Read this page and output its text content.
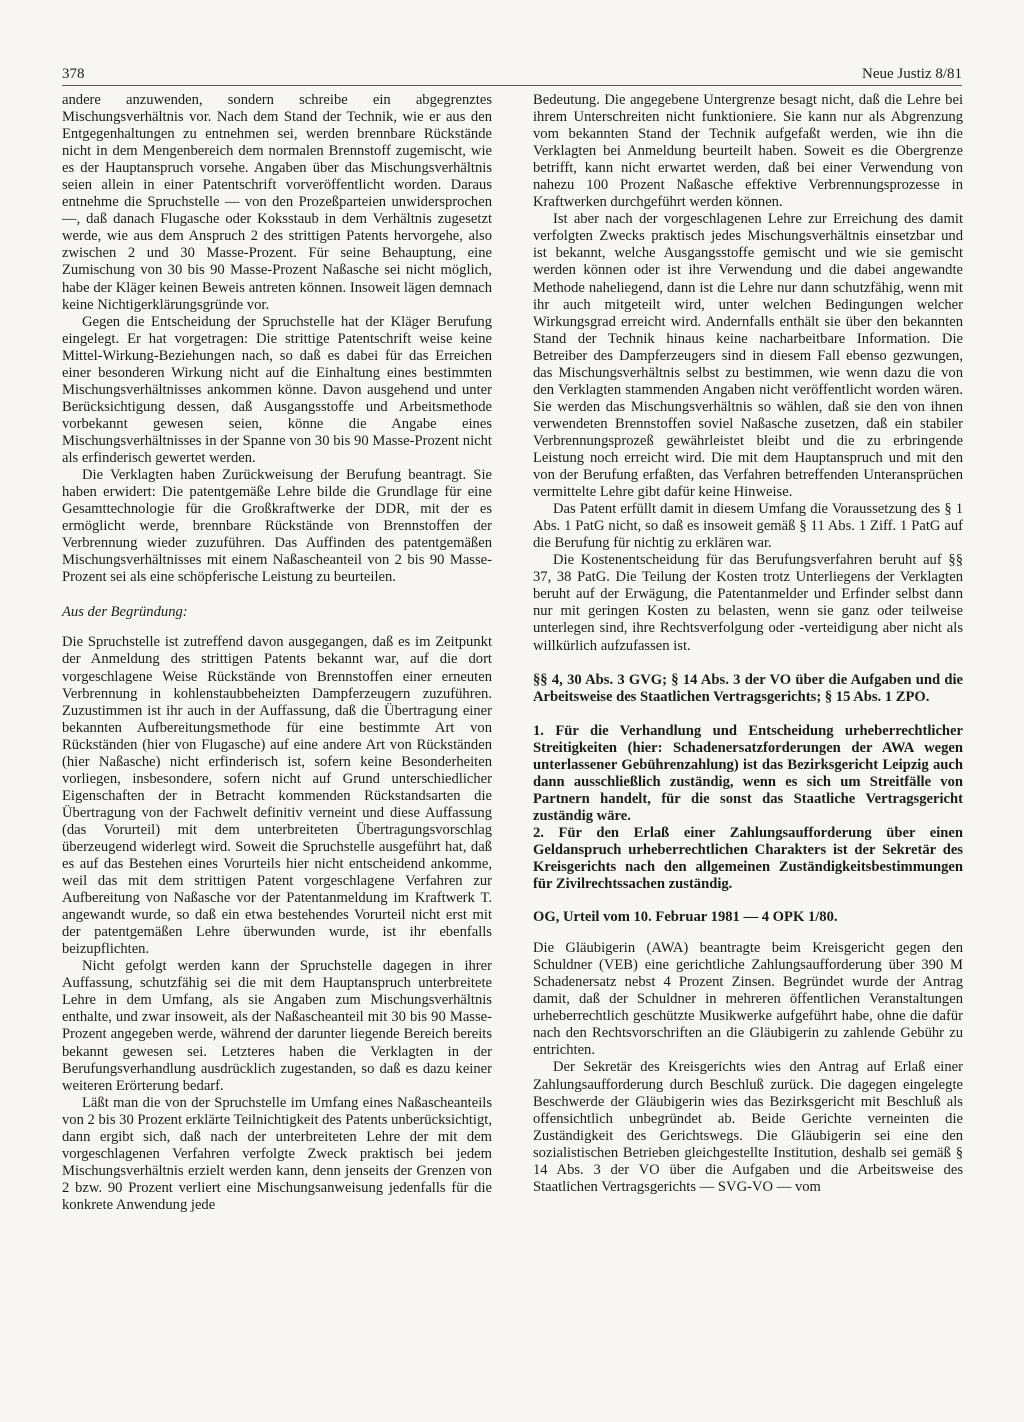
378	Neue Justiz 8/81

andere anzuwenden, sondern schreibe ein abgegrenztes Mischungsverhältnis vor. Nach dem Stand der Technik, wie er aus den Entgegenhaltungen zu entnehmen sei, werden brennbare Rückstände nicht in dem Mengenbereich dem normalen Brennstoff zugemischt, wie es der Hauptanspruch vorsehe. Angaben über das Mischungsverhältnis seien allein in einer Patentschrift vorveröffentlicht worden. Daraus entnehme die Spruchstelle — von den Prozeßparteien unwidersprochen —, daß danach Flugasche oder Koksstaub in dem Verhältnis zugesetzt werde, wie aus dem Anspruch 2 des strittigen Patents hervorgehe, also zwischen 2 und 30 Masse-Prozent. Für seine Behauptung, eine Zumischung von 30 bis 90 Masse-Prozent Naßasche sei nicht möglich, habe der Kläger keinen Beweis antreten können. Insoweit lägen demnach keine Nichtigerklärungsgründe vor.

Gegen die Entscheidung der Spruchstelle hat der Kläger Berufung eingelegt. Er hat vorgetragen: Die strittige Patentschrift weise keine Mittel-Wirkung-Beziehungen nach, so daß es dabei für das Erreichen einer besonderen Wirkung nicht auf die Einhaltung eines bestimmten Mischungsverhältnisses ankommen könne. Davon ausgehend und unter Berücksichtigung dessen, daß Ausgangsstoffe und Arbeitsmethode vorbekannt gewesen seien, könne die Angabe eines Mischungsverhältnisses in der Spanne von 30 bis 90 Masse-Prozent nicht als erfinderisch gewertet werden.

Die Verklagten haben Zurückweisung der Berufung beantragt. Sie haben erwidert: Die patentgemäße Lehre bilde die Grundlage für eine Gesamttechnologie für die Großkraftwerke der DDR, mit der es ermöglicht werde, brennbare Rückstände von Brennstoffen der Verbrennung wieder zuzuführen. Das Auffinden des patentgemäßen Mischungsverhältnisses mit einem Naßascheanteil von 2 bis 90 Masse-Prozent sei als eine schöpferische Leistung zu beurteilen.

Aus der Begründung:

Die Spruchstelle ist zutreffend davon ausgegangen, daß es im Zeitpunkt der Anmeldung des strittigen Patents bekannt war, auf die dort vorgeschlagene Weise Rückstände von Brennstoffen einer erneuten Verbrennung in kohlenstaubbeheizten Dampferzeugern zuzuführen. Zuzustimmen ist ihr auch in der Auffassung, daß die Übertragung einer bekannten Aufbereitungsmethode für eine bestimmte Art von Rückständen (hier von Flugasche) auf eine andere Art von Rückständen (hier Naßasche) nicht erfinderisch ist, sofern keine Besonderheiten vorliegen, insbesondere, sofern nicht auf Grund unterschiedlicher Eigenschaften der in Betracht kommenden Rückstandsarten die Übertragung von der Fachwelt definitiv verneint und diese Auffassung (das Vorurteil) mit dem unterbreiteten Übertragungsvorschlag überzeugend widerlegt wird. Soweit die Spruchstelle ausgeführt hat, daß es auf das Bestehen eines Vorurteils hier nicht entscheidend ankomme, weil das mit dem strittigen Patent vorgeschlagene Verfahren zur Aufbereitung von Naßasche vor der Patentanmeldung im Kraftwerk T. angewandt wurde, so daß ein etwa bestehendes Vorurteil nicht erst mit der patentgemäßen Lehre überwunden wurde, ist ihr ebenfalls beizupflichten.

Nicht gefolgt werden kann der Spruchstelle dagegen in ihrer Auffassung, schutzfähig sei die mit dem Hauptanspruch unterbreitete Lehre in dem Umfang, als sie Angaben zum Mischungsverhältnis enthalte, und zwar insoweit, als der Naßascheanteil mit 30 bis 90 Masse-Prozent angegeben werde, während der darunter liegende Bereich bereits bekannt gewesen sei. Letzteres haben die Verklagten in der Berufungsverhandlung ausdrücklich zugestanden, so daß es dazu keiner weiteren Erörterung bedarf.

Läßt man die von der Spruchstelle im Umfang eines Naßascheanteils von 2 bis 30 Prozent erklärte Teilnichtigkeit des Patents unberücksichtigt, dann ergibt sich, daß nach der unterbreiteten Lehre der mit dem vorgeschlagenen Verfahren verfolgte Zweck praktisch bei jedem Mischungsverhältnis erzielt werden kann, denn jenseits der Grenzen von 2 bzw. 90 Prozent verliert eine Mischungsanweisung jedenfalls für die konkrete Anwendung jede

Bedeutung. Die angegebene Untergrenze besagt nicht, daß die Lehre bei ihrem Unterschreiten nicht funktioniere. Sie kann nur als Abgrenzung vom bekannten Stand der Technik aufgefaßt werden, wie ihn die Verklagten bei Anmeldung beurteilt haben. Soweit es die Obergrenze betrifft, kann nicht erwartet werden, daß bei einer Verwendung von nahezu 100 Prozent Naßasche effektive Verbrennungsprozesse in Kraftwerken durchgeführt werden können.

Ist aber nach der vorgeschlagenen Lehre zur Erreichung des damit verfolgten Zwecks praktisch jedes Mischungsverhältnis einsetzbar und ist bekannt, welche Ausgangsstoffe gemischt und wie sie gemischt werden können oder ist ihre Verwendung und die dabei angewandte Methode naheliegend, dann ist die Lehre nur dann schutzfähig, wenn mit ihr auch mitgeteilt wird, unter welchen Bedingungen welcher Wirkungsgrad erreicht wird. Andernfalls enthält sie über den bekannten Stand der Technik hinaus keine nacharbeitbare Information. Die Betreiber des Dampferzeugers sind in diesem Fall ebenso gezwungen, das Mischungsverhältnis selbst zu bestimmen, wie wenn dazu die von den Verklagten stammenden Angaben nicht veröffentlicht worden wären. Sie werden das Mischungsverhältnis so wählen, daß sie den von ihnen verwendeten Brennstoffen soviel Naßasche zusetzen, daß ein stabiler Verbrennungsprozeß gewährleistet bleibt und die zu erbringende Leistung noch erreicht wird. Die mit dem Hauptanspruch und mit den von der Berufung erfaßten, das Verfahren betreffenden Unteransprüchen vermittelte Lehre gibt dafür keine Hinweise.

Das Patent erfüllt damit in diesem Umfang die Voraussetzung des § 1 Abs. 1 PatG nicht, so daß es insoweit gemäß § 11 Abs. 1 Ziff. 1 PatG auf die Berufung für nichtig zu erklären war.

Die Kostenentscheidung für das Berufungsverfahren beruht auf §§ 37, 38 PatG. Die Teilung der Kosten trotz Unterliegens der Verklagten beruht auf der Erwägung, die Patentanmelder und Erfinder selbst dann nur mit geringen Kosten zu belasten, wenn sie ganz oder teilweise unterlegen sind, ihre Rechtsverfolgung oder -verteidigung aber nicht als willkürlich aufzufassen ist.

§§ 4, 30 Abs. 3 GVG; § 14 Abs. 3 der VO über die Aufgaben und die Arbeitsweise des Staatlichen Vertragsgerichts; § 15 Abs. 1 ZPO.

1. Für die Verhandlung und Entscheidung urheberrechtlicher Streitigkeiten (hier: Schadenersatzforderungen der AWA wegen unterlassener Gebührenzahlung) ist das Bezirksgericht Leipzig auch dann ausschließlich zuständig, wenn es sich um Streitfälle von Partnern handelt, für die sonst das Staatliche Vertragsgericht zuständig wäre.

2. Für den Erlaß einer Zahlungsaufforderung über einen Geldanspruch urheberrechtlichen Charakters ist der Sekretär des Kreisgerichts nach den allgemeinen Zuständigkeitsbestimmungen für Zivilrechtssachen zuständig.

OG, Urteil vom 10. Februar 1981 — 4 OPK 1/80.

Die Gläubigerin (AWA) beantragte beim Kreisgericht gegen den Schuldner (VEB) eine gerichtliche Zahlungsaufforderung über 390 M Schadenersatz nebst 4 Prozent Zinsen. Begründet wurde der Antrag damit, daß der Schuldner in mehreren öffentlichen Veranstaltungen urheberrechtlich geschützte Musikwerke aufgeführt habe, ohne die dafür nach den Rechtsvorschriften an die Gläubigerin zu zahlende Gebühr zu entrichten.

Der Sekretär des Kreisgerichts wies den Antrag auf Erlaß einer Zahlungsaufforderung durch Beschluß zurück. Die dagegen eingelegte Beschwerde der Gläubigerin wies das Bezirksgericht mit Beschluß als offensichtlich unbegründet ab. Beide Gerichte verneinten die Zuständigkeit des Gerichtswegs. Die Gläubigerin sei eine den sozialistischen Betrieben gleichgestellte Institution, deshalb sei gemäß § 14 Abs. 3 der VO über die Aufgaben und die Arbeitsweise des Staatlichen Vertragsgerichts — SVG-VO — vom
